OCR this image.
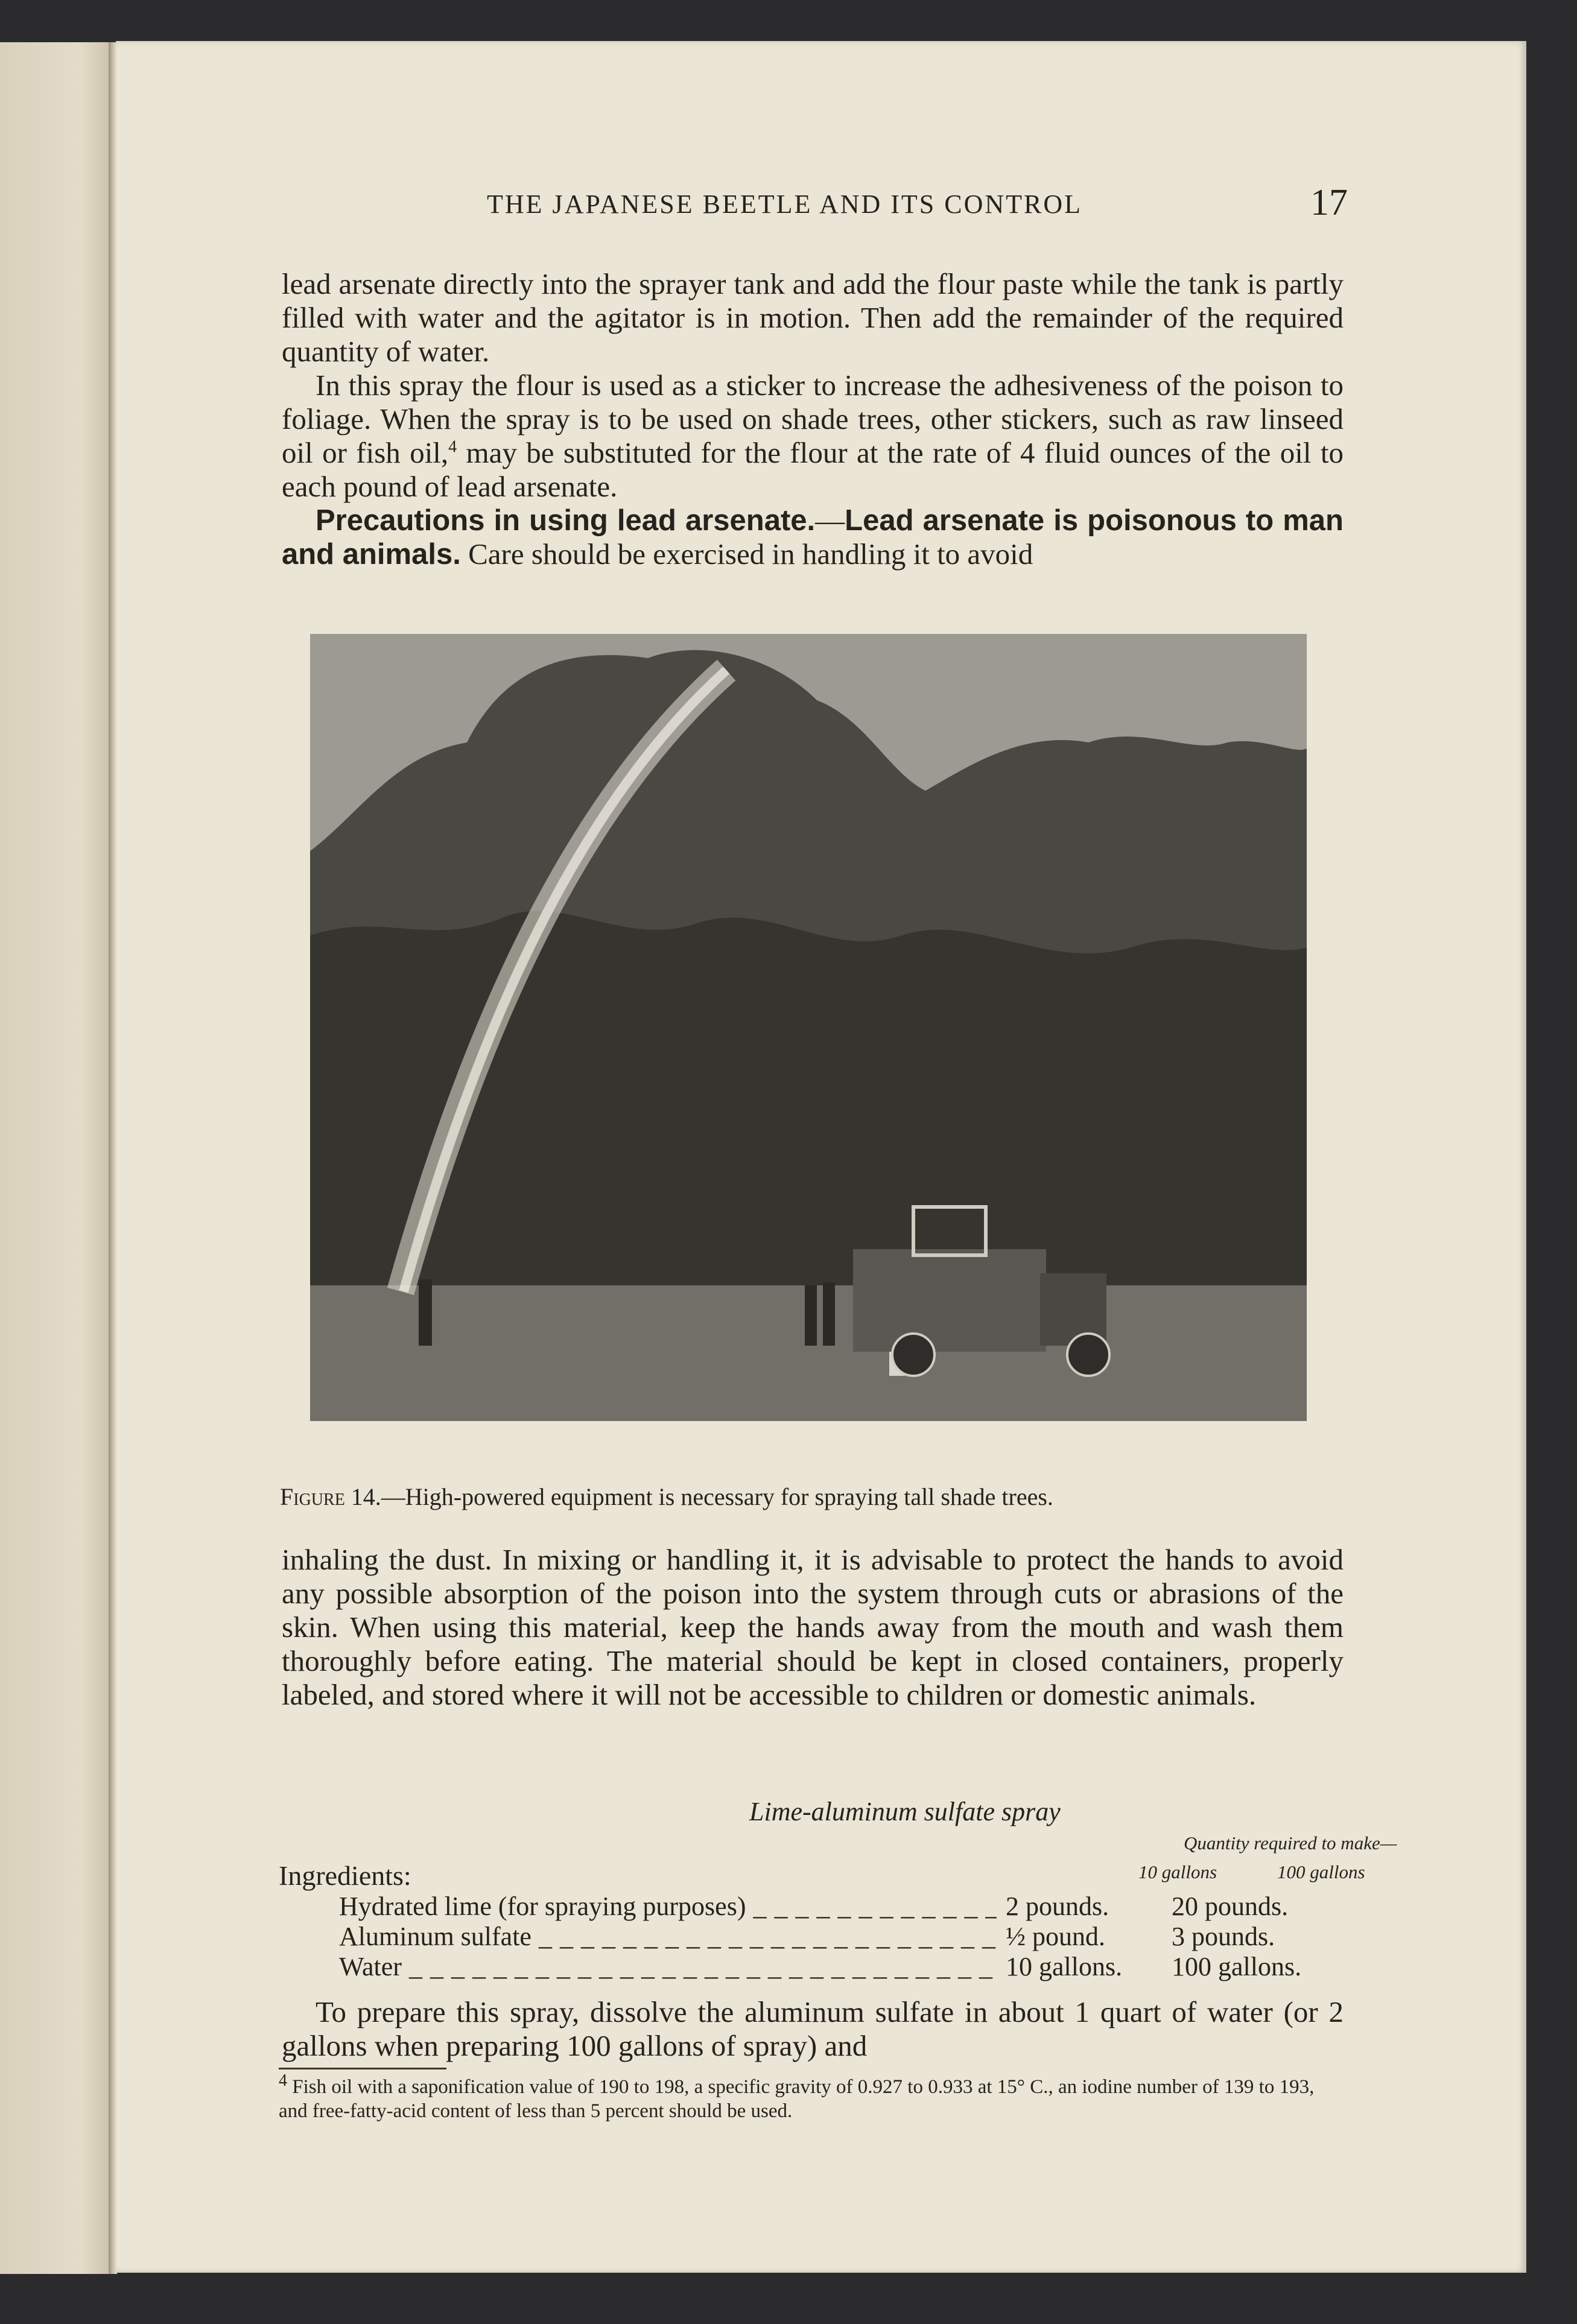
THE JAPANESE BEETLE AND ITS CONTROL	17

lead arsenate directly into the sprayer tank and add the flour paste while the tank is partly filled with water and the agitator is in motion. Then add the remainder of the required quantity of water.

In this spray the flour is used as a sticker to increase the adhesiveness of the poison to foliage. When the spray is to be used on shade trees, other stickers, such as raw linseed oil or fish oil,$^4$ may be substituted for the flour at the rate of 4 fluid ounces of the oil to each pound of lead arsenate.

Precautions in using lead arsenate.—Lead arsenate is poisonous to man and animals. Care should be exercised in handling it to avoid

Figure 14.—High-powered equipment is necessary for spraying tall shade trees.

inhaling the dust. In mixing or handling it, it is advisable to protect the hands to avoid any possible absorption of the poison into the system through cuts or abrasions of the skin. When using this material, keep the hands away from the mouth and wash them thoroughly before eating. The material should be kept in closed containers, properly labeled, and stored where it will not be accessible to children or domestic animals.

Lime-aluminum sulfate spray
Quantity required to make—
10 gallons	100 gallons
Ingredients:
Hydrated lime (for spraying purposes) _ _ _	2 pounds. 20 pounds.
Aluminum sulfate _ _ _	½ pound.	3 pounds.
Water _ _ _	10 gallons. 100 gallons.

To prepare this spray, dissolve the aluminum sulfate in about 1 quart of water (or 2 gallons when preparing 100 gallons of spray) and

$^4$ Fish oil with a saponification value of 190 to 198, a specific gravity of 0.927 to 0.933 at 15° C., an iodine number of 139 to 193, and free-fatty-acid content of less than 5 percent should be used.
